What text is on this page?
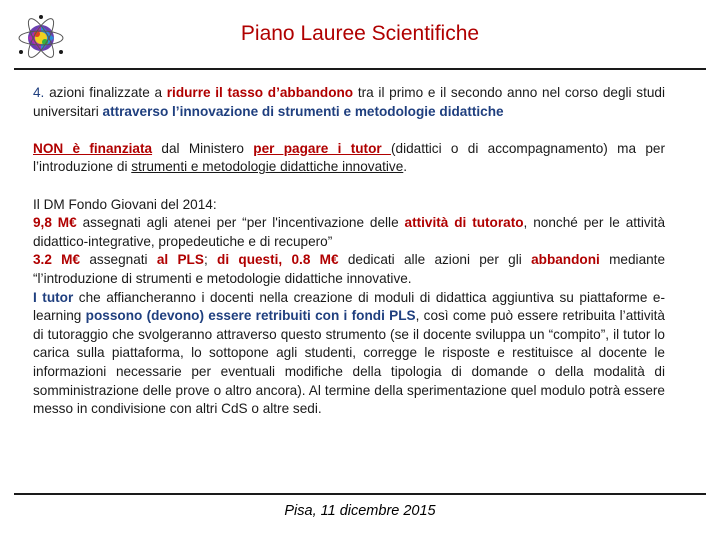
Piano Lauree Scientifiche

4. azioni finalizzate a ridurre il tasso d’abbandono tra il primo e il secondo anno nel corso degli studi universitari attraverso l’innovazione di strumenti e metodologie didattiche

NON è finanziata dal Ministero per pagare i tutor (didattici o di accompagnamento) ma per l’introduzione di strumenti e metodologie didattiche innovative.

Il DM Fondo Giovani del 2014:

9,8 M€ assegnati agli atenei per “per l'incentivazione delle attività di tutorato, nonché per le attività didattico-integrative, propedeutiche e di recupero”

3.2 M€ assegnati al PLS; di questi, 0.8 M€ dedicati alle azioni per gli abbandoni mediante “l’introduzione di strumenti e metodologie didattiche innovative.

I tutor che affiancheranno i docenti nella creazione di moduli di didattica aggiuntiva su piattaforme e-learning possono (devono) essere retribuiti con i fondi PLS, così come può essere retribuita l’attività di tutoraggio che svolgeranno attraverso questo strumento (se il docente sviluppa un “compito”, il tutor lo carica sulla piattaforma, lo sottopone agli studenti, corregge le risposte e restituisce al docente le informazioni necessarie per eventuali modifiche della tipologia di domande o della modalità di somministrazione delle prove o altro ancora). Al termine della sperimentazione quel modulo potrà essere messo in condivisione con altri CdS o altre sedi.

Pisa, 11 dicembre 2015
